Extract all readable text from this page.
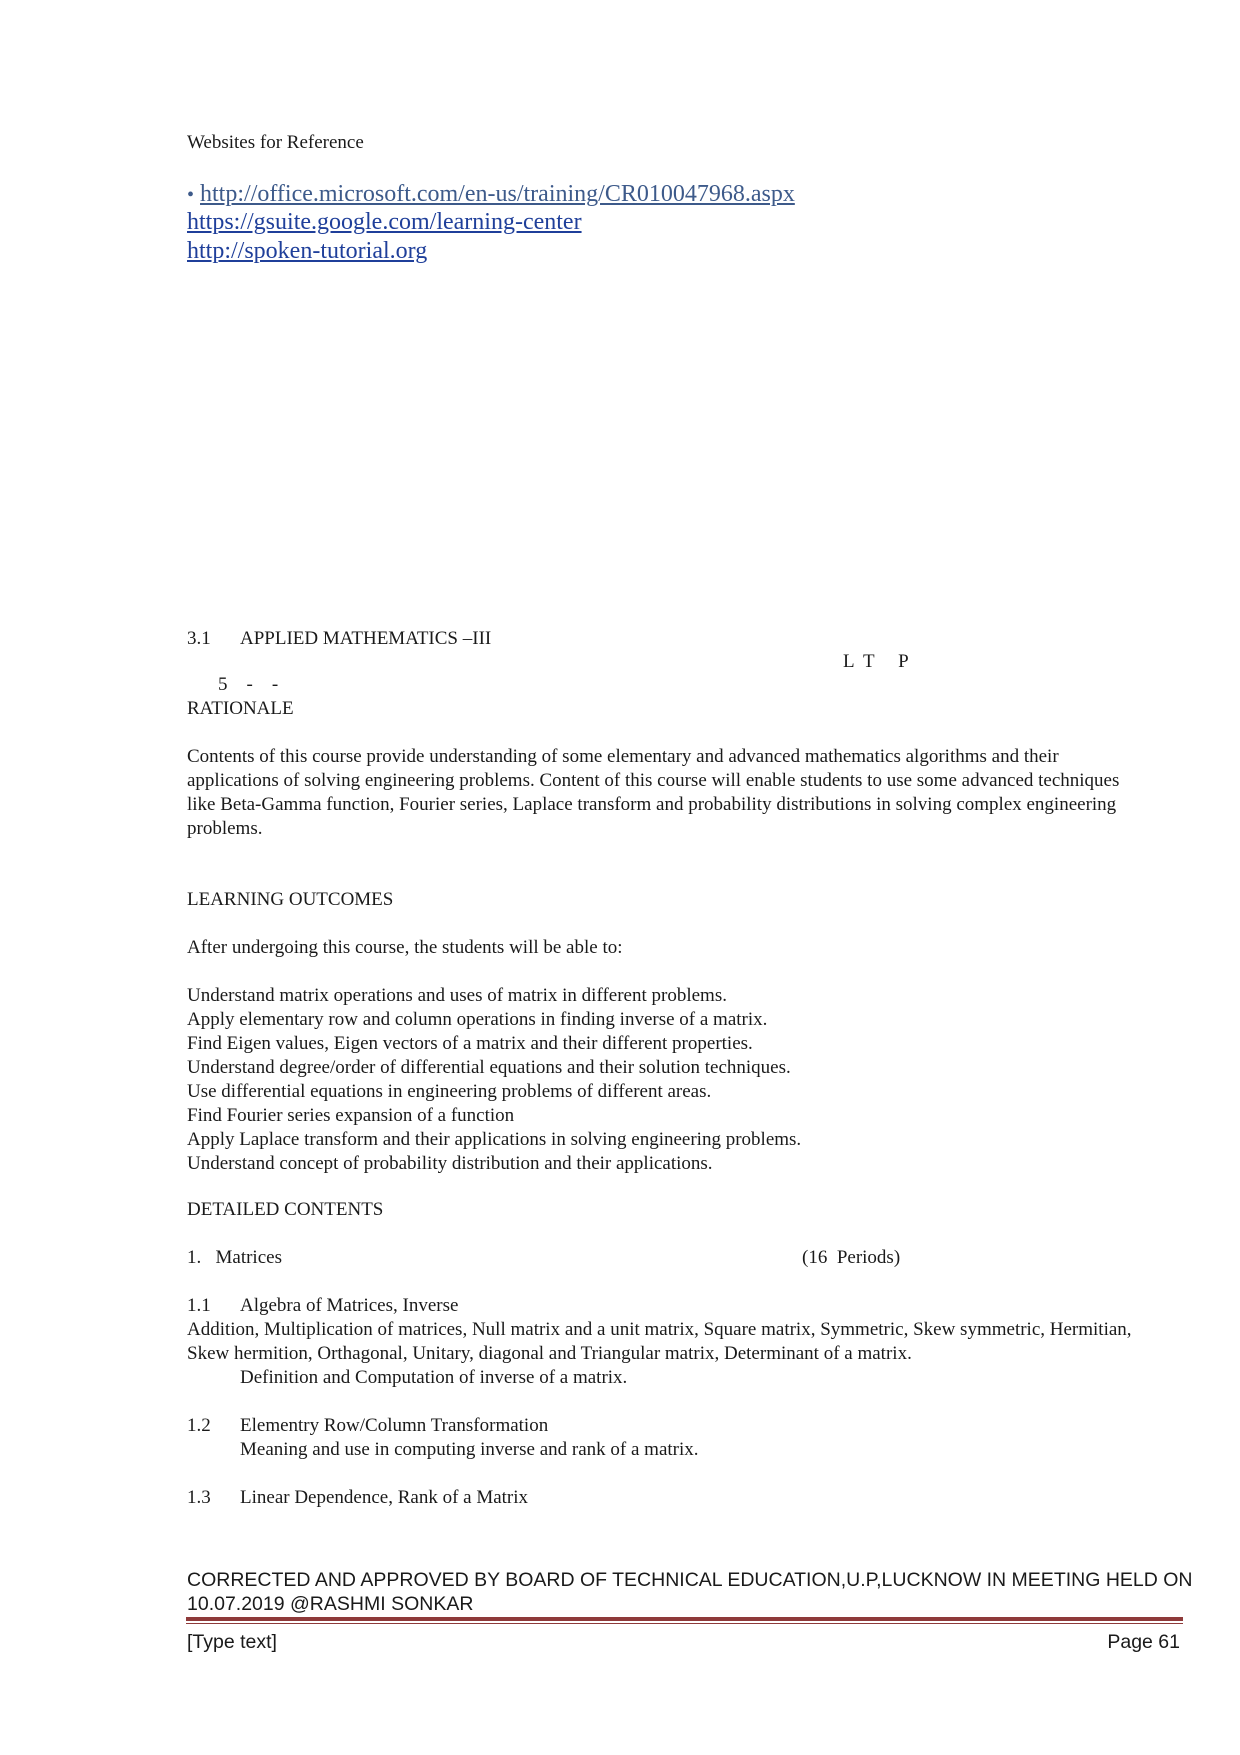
Websites for Reference
• http://office.microsoft.com/en-us/training/CR010047968.aspx
https://gsuite.google.com/learning-center
http://spoken-tutorial.org
3.1 APPLIED MATHEMATICS –III
L  T     P
5    -    -
RATIONALE
Contents of this course provide understanding of some elementary and advanced mathematics algorithms and their applications of solving engineering problems. Content of this course will enable students to use some advanced techniques like Beta-Gamma function, Fourier series, Laplace transform and probability distributions in solving complex engineering problems.
LEARNING OUTCOMES
After undergoing this course, the students will be able to:
Understand matrix operations and uses of matrix in different problems.
Apply elementary row and column operations in finding inverse of a matrix.
Find Eigen values, Eigen vectors of a matrix and their different properties.
Understand degree/order of differential equations and their solution techniques.
Use differential equations in engineering problems of different areas.
Find Fourier series expansion of a function
Apply Laplace transform and their applications in solving engineering problems.
Understand concept of probability distribution and their applications.
DETAILED CONTENTS
1.   Matrices	(16  Periods)
1.1 Algebra of Matrices, Inverse
Addition, Multiplication of matrices, Null matrix and a unit matrix, Square matrix, Symmetric, Skew symmetric, Hermitian,   Skew hermition, Orthagonal, Unitary, diagonal and Triangular matrix, Determinant of a matrix.
Definition and Computation of inverse of a matrix.
1.2 Elementry Row/Column Transformation
Meaning and use in computing inverse and rank of a matrix.
1.3 Linear Dependence, Rank of a Matrix
CORRECTED AND APPROVED BY BOARD OF TECHNICAL EDUCATION,U.P,LUCKNOW IN MEETING HELD ON
10.07.2019 @RASHMI SONKAR
[Type text]	Page 61
